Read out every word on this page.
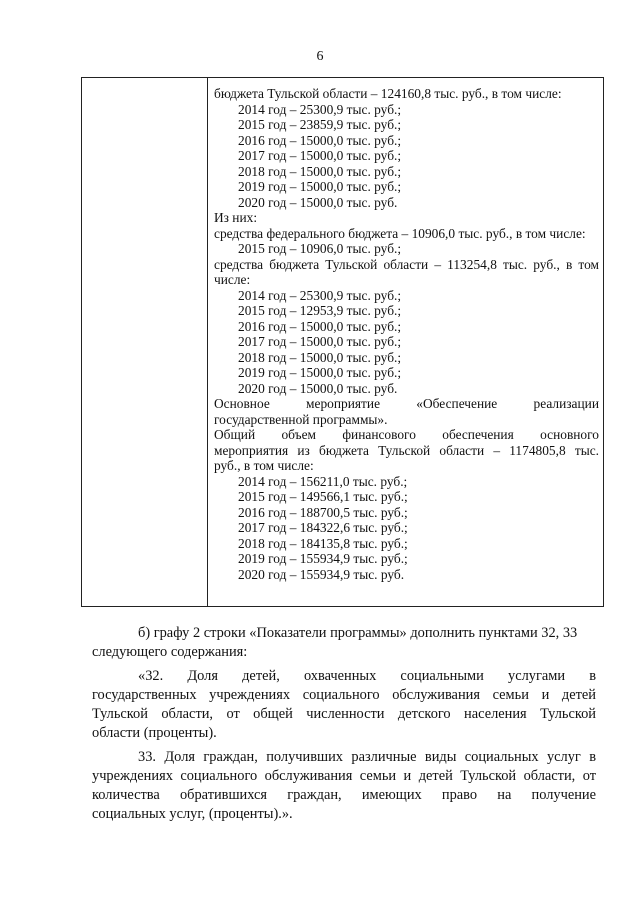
6
бюджета Тульской области – 124160,8 тыс. руб., в том числе:
2014 год – 25300,9 тыс. руб.;
2015 год – 23859,9 тыс. руб.;
2016 год – 15000,0 тыс. руб.;
2017 год – 15000,0 тыс. руб.;
2018 год – 15000,0 тыс. руб.;
2019 год – 15000,0 тыс. руб.;
2020 год – 15000,0 тыс. руб.
Из них:
средства федерального бюджета – 10906,0 тыс. руб., в том числе:
2015 год – 10906,0 тыс. руб.;
средства бюджета Тульской области – 113254,8 тыс. руб., в том
числе:
2014 год – 25300,9 тыс. руб.;
2015 год – 12953,9 тыс. руб.;
2016 год – 15000,0 тыс. руб.;
2017 год – 15000,0 тыс. руб.;
2018 год – 15000,0 тыс. руб.;
2019 год – 15000,0 тыс. руб.;
2020 год – 15000,0 тыс. руб.
Основное мероприятие «Обеспечение реализации
государственной программы».
Общий объем финансового обеспечения основного
мероприятия из бюджета Тульской области – 1174805,8 тыс.
руб., в том числе:
2014 год – 156211,0 тыс. руб.;
2015 год – 149566,1 тыс. руб.;
2016 год – 188700,5 тыс. руб.;
2017 год – 184322,6 тыс. руб.;
2018 год – 184135,8 тыс. руб.;
2019 год – 155934,9 тыс. руб.;
2020 год – 155934,9 тыс. руб.
б) графу 2 строки «Показатели программы» дополнить пунктами 32, 33
следующего содержания:
«32. Доля детей, охваченных социальными услугами в
государственных учреждениях социального обслуживания семьи и детей
Тульской области, от общей численности детского населения Тульской
области (проценты).
33. Доля граждан, получивших различные виды социальных услуг в
учреждениях социального обслуживания семьи и детей Тульской области, от
количества обратившихся граждан, имеющих право на получение
социальных услуг, (проценты).».
